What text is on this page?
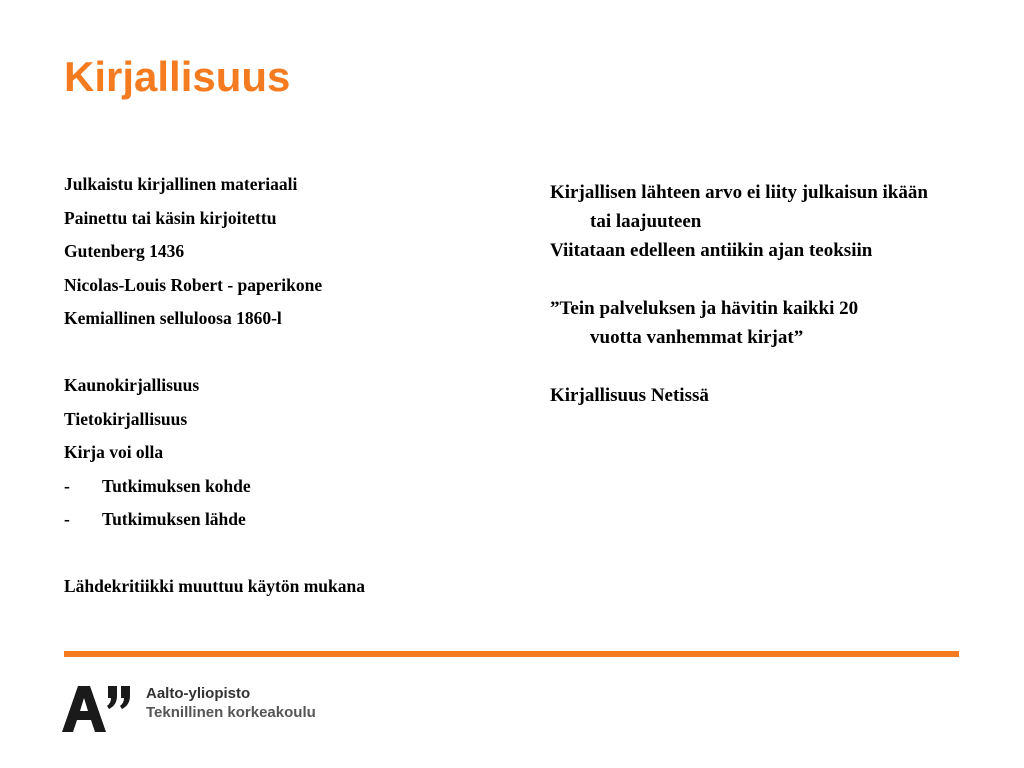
Kirjallisuus
Julkaistu kirjallinen materiaali
Painettu tai käsin kirjoitettu
Gutenberg 1436
Nicolas-Louis Robert - paperikone
Kemiallinen selluloosa 1860-l
Kaunokirjallisuus
Tietokirjallisuus
Kirja voi olla
- Tutkimuksen kohde
- Tutkimuksen lähde
Lähdekritiikki muuttuu käytön mukana
Kirjallisen lähteen arvo ei liity julkaisun ikään tai laajuuteen
Viitataan edelleen antiikin ajan teoksiin
”Tein palveluksen ja hävitin kaikki 20 vuotta vanhemmat kirjat”
Kirjallisuus Netissä
Aalto-yliopisto
Teknillinen korkeakoulu
